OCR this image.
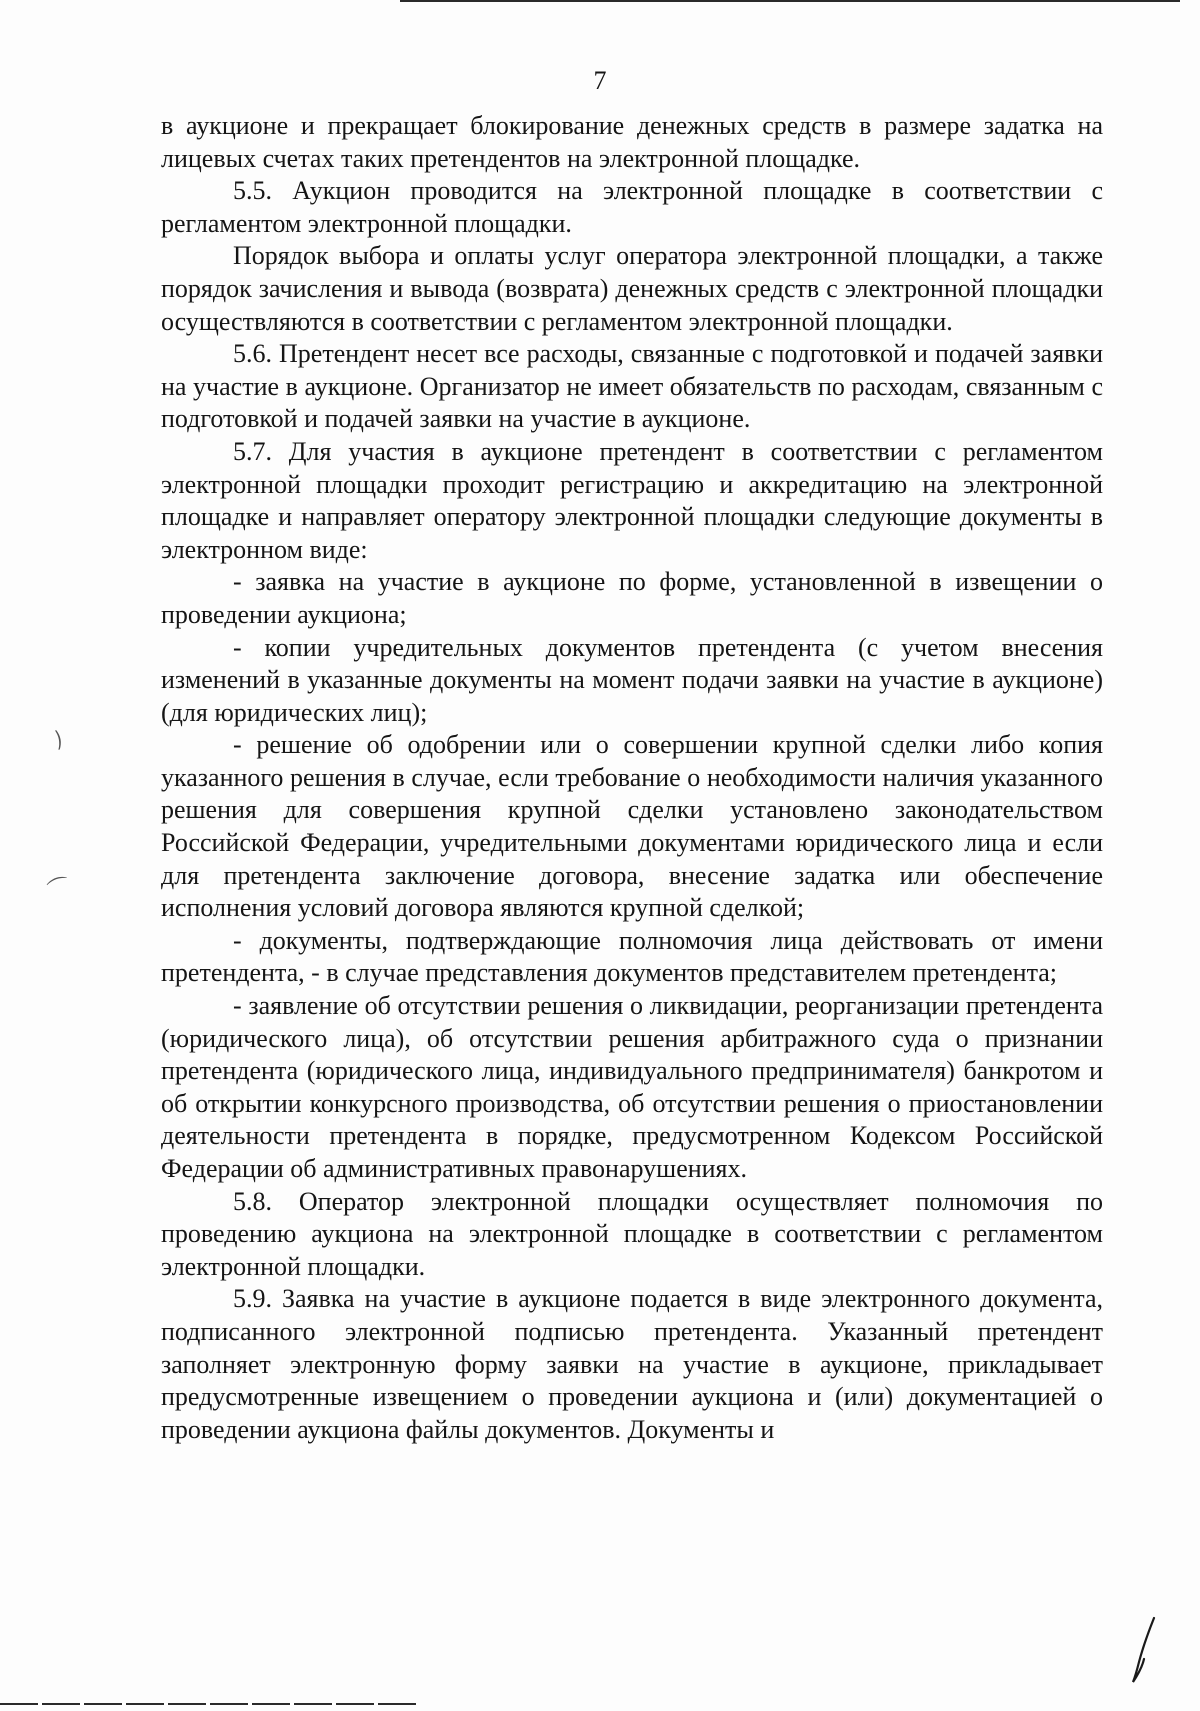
7

в аукционе и прекращает блокирование денежных средств в размере задатка на лицевых счетах таких претендентов на электронной площадке.

5.5. Аукцион проводится на электронной площадке в соответствии с регламентом электронной площадки.

Порядок выбора и оплаты услуг оператора электронной площадки, а также порядок зачисления и вывода (возврата) денежных средств с электронной площадки осуществляются в соответствии с регламентом электронной площадки.

5.6. Претендент несет все расходы, связанные с подготовкой и подачей заявки на участие в аукционе. Организатор не имеет обязательств по расходам, связанным с подготовкой и подачей заявки на участие в аукционе.

5.7. Для участия в аукционе претендент в соответствии с регламентом электронной площадки проходит регистрацию и аккредитацию на электронной площадке и направляет оператору электронной площадки следующие документы в электронном виде:

- заявка на участие в аукционе по форме, установленной в извещении о проведении аукциона;

- копии учредительных документов претендента (с учетом внесения изменений в указанные документы на момент подачи заявки на участие в аукционе) (для юридических лиц);

- решение об одобрении или о совершении крупной сделки либо копия указанного решения в случае, если требование о необходимости наличия указанного решения для совершения крупной сделки установлено законодательством Российской Федерации, учредительными документами юридического лица и если для претендента заключение договора, внесение задатка или обеспечение исполнения условий договора являются крупной сделкой;

- документы, подтверждающие полномочия лица действовать от имени претендента, - в случае представления документов представителем претендента;

- заявление об отсутствии решения о ликвидации, реорганизации претендента (юридического лица), об отсутствии решения арбитражного суда о признании претендента (юридического лица, индивидуального предпринимателя) банкротом и об открытии конкурсного производства, об отсутствии решения о приостановлении деятельности претендента в порядке, предусмотренном Кодексом Российской Федерации об административных правонарушениях.

5.8. Оператор электронной площадки осуществляет полномочия по проведению аукциона на электронной площадке в соответствии с регламентом электронной площадки.

5.9. Заявка на участие в аукционе подается в виде электронного документа, подписанного электронной подписью претендента. Указанный претендент заполняет электронную форму заявки на участие в аукционе, прикладывает предусмотренные извещением о проведении аукциона и (или) документацией о проведении аукциона файлы документов. Документы и

⁔
⌒
